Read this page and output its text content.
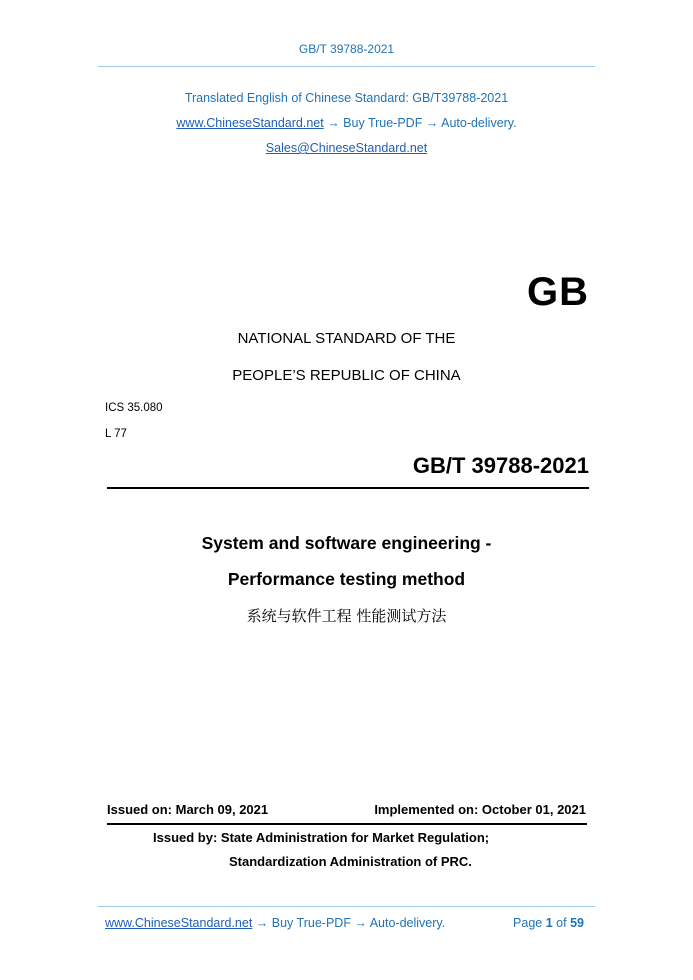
GB/T 39788-2021
Translated English of Chinese Standard: GB/T39788-2021
www.ChineseStandard.net → Buy True-PDF → Auto-delivery.
Sales@ChineseStandard.net
GB
NATIONAL STANDARD OF THE
PEOPLE’S REPUBLIC OF CHINA
ICS 35.080
L 77
GB/T 39788-2021
System and software engineering -
Performance testing method
系统与软件工程 性能测试方法
Issued on: March 09, 2021	Implemented on: October 01, 2021
Issued by: State Administration for Market Regulation;
Standardization Administration of PRC.
www.ChineseStandard.net → Buy True-PDF → Auto-delivery.	Page 1 of 59
